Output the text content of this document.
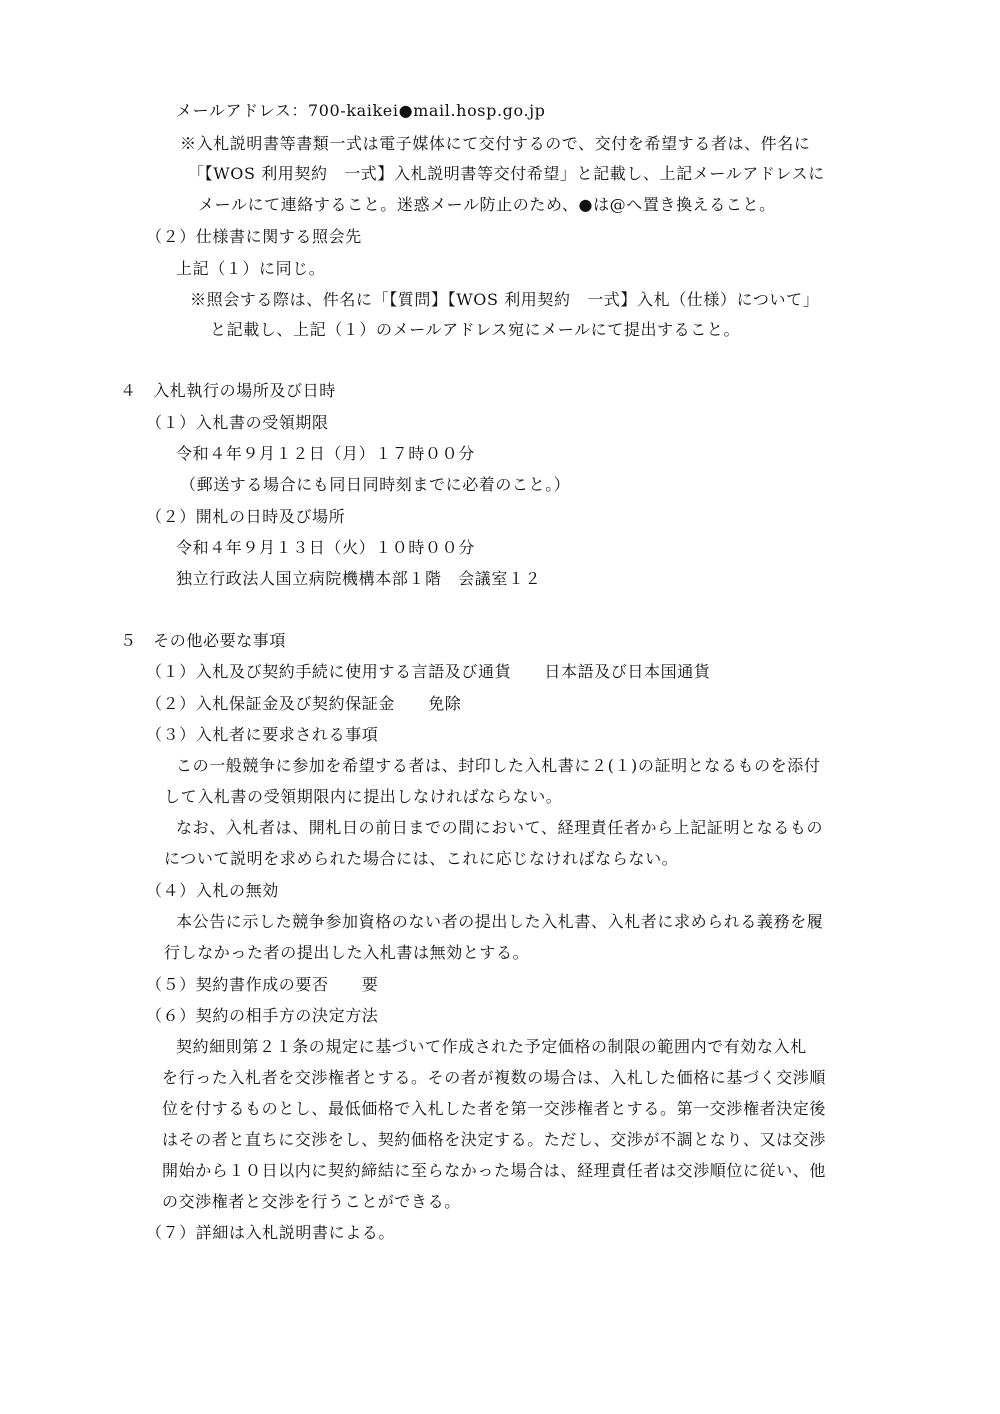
メールアドレス：700-kaikei●mail.hosp.go.jp
※入札説明書等書類一式は電子媒体にて交付するので、交付を希望する者は、件名に
「【WOS 利用契約　一式】入札説明書等交付希望」と記載し、上記メールアドレスに
メールにて連絡すること。迷惑メール防止のため、●は@へ置き換えること。
（２）仕様書に関する照会先
上記（１）に同じ。
※照会する際は、件名に「【質問】【WOS 利用契約　一式】入札（仕様）について」
と記載し、上記（１）のメールアドレス宛にメールにて提出すること。
４　入札執行の場所及び日時
（１）入札書の受領期限
令和４年９月１２日（月）１７時００分
（郵送する場合にも同日同時刻までに必着のこと。）
（２）開札の日時及び場所
令和４年９月１３日（火）１０時００分
独立行政法人国立病院機構本部１階　会議室１２
５　その他必要な事項
（１）入札及び契約手続に使用する言語及び通貨　　日本語及び日本国通貨
（２）入札保証金及び契約保証金　　免除
（３）入札者に要求される事項
この一般競争に参加を希望する者は、封印した入札書に２(１)の証明となるものを添付
して入札書の受領期限内に提出しなければならない。
なお、入札者は、開札日の前日までの間において、経理責任者から上記証明となるもの
について説明を求められた場合には、これに応じなければならない。
（４）入札の無効
本公告に示した競争参加資格のない者の提出した入札書、入札者に求められる義務を履
行しなかった者の提出した入札書は無効とする。
（５）契約書作成の要否　　要
（６）契約の相手方の決定方法
契約細則第２１条の規定に基づいて作成された予定価格の制限の範囲内で有効な入札
を行った入札者を交渉権者とする。その者が複数の場合は、入札した価格に基づく交渉順
位を付するものとし、最低価格で入札した者を第一交渉権者とする。第一交渉権者決定後
はその者と直ちに交渉をし、契約価格を決定する。ただし、交渉が不調となり、又は交渉
開始から１０日以内に契約締結に至らなかった場合は、経理責任者は交渉順位に従い、他
の交渉権者と交渉を行うことができる。
（７）詳細は入札説明書による。
